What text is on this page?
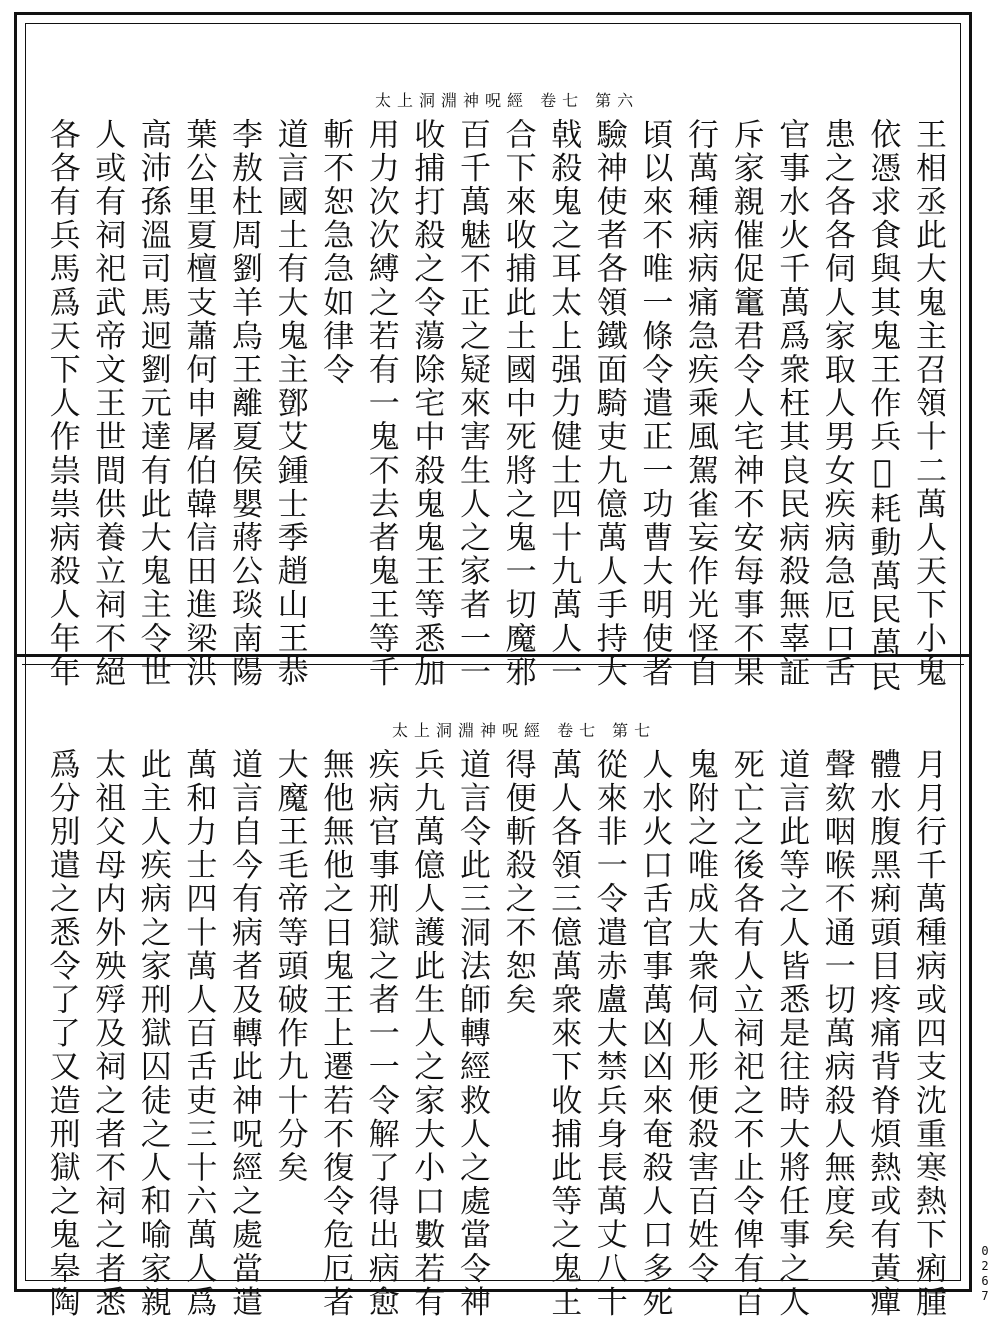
太上洞淵神呪經 卷七 第六
太上洞淵神呪經 卷七 第七
王相丞此大鬼主召領十二萬人天下小鬼
依憑求食與其鬼王作兵𠂭耗動萬民萬民
患之各各伺人家取人男女疾病急厄口舌
官事水火千萬爲衆枉其良民病殺無辜証
斥家親催促竃君令人宅神不安每事不果
行萬種病病痛急疾乘風駕雀妄作光怪自
頃以來不唯一條令遣正一功曹大明使者
驗神使者各領鐵面騎吏九億萬人手持大
戟殺鬼之耳太上强力健士四十九萬人一
合下來收捕此土國中死將之鬼一切魔邪
百千萬魅不正之疑來害生人之家者一一
收捕打殺之令蕩除宅中殺鬼鬼王等悉加
用力次次縛之若有一鬼不去者鬼王等千
斬不恕急急如律令
道言國土有大鬼主鄧艾鍾士季趙山王恭
李敖杜周劉羊烏王離夏侯嬰蔣公琰南陽
葉公里夏檀支蕭何申屠伯韓信田進梁洪
高沛孫溫司馬迥劉元達有此大鬼主令世
人或有祠祀武帝文王世間供養立祠不絕
各各有兵馬爲天下人作祟祟病殺人年年
月月行千萬種病或四支沈重寒熱下痢腫
體水腹黑痢頭目疼痛背脊煩熱或有黃癉
聲欬咽喉不通一切萬病殺人無度矣
道言此等之人皆悉是往時大將任事之人
死亡之後各有人立祠祀之不止令俾有百
鬼附之唯成大衆伺人形便殺害百姓令
人水火口舌官事萬凶凶來奄殺人口多死
從來非一令遣赤盧大禁兵身長萬丈八十
萬人各領三億萬衆來下收捕此等之鬼王
得便斬殺之不恕矣
道言令此三洞法師轉經救人之處當令神
兵九萬億人護此生人之家大小口數若有
疾病官事刑獄之者一一令解了得出病愈
無他無他之日鬼王上遷若不復令危厄者
大魔王毛帝等頭破作九十分矣
道言自今有病者及轉此神呪經之處當遣
萬和力士四十萬人百舌吏三十六萬人爲
此主人疾病之家刑獄囚徒之人和喻家親
太祖父母内外殃殍及祠之者不祠之者悉
爲分別遣之悉令了了又造刑獄之鬼皋陶	0267
